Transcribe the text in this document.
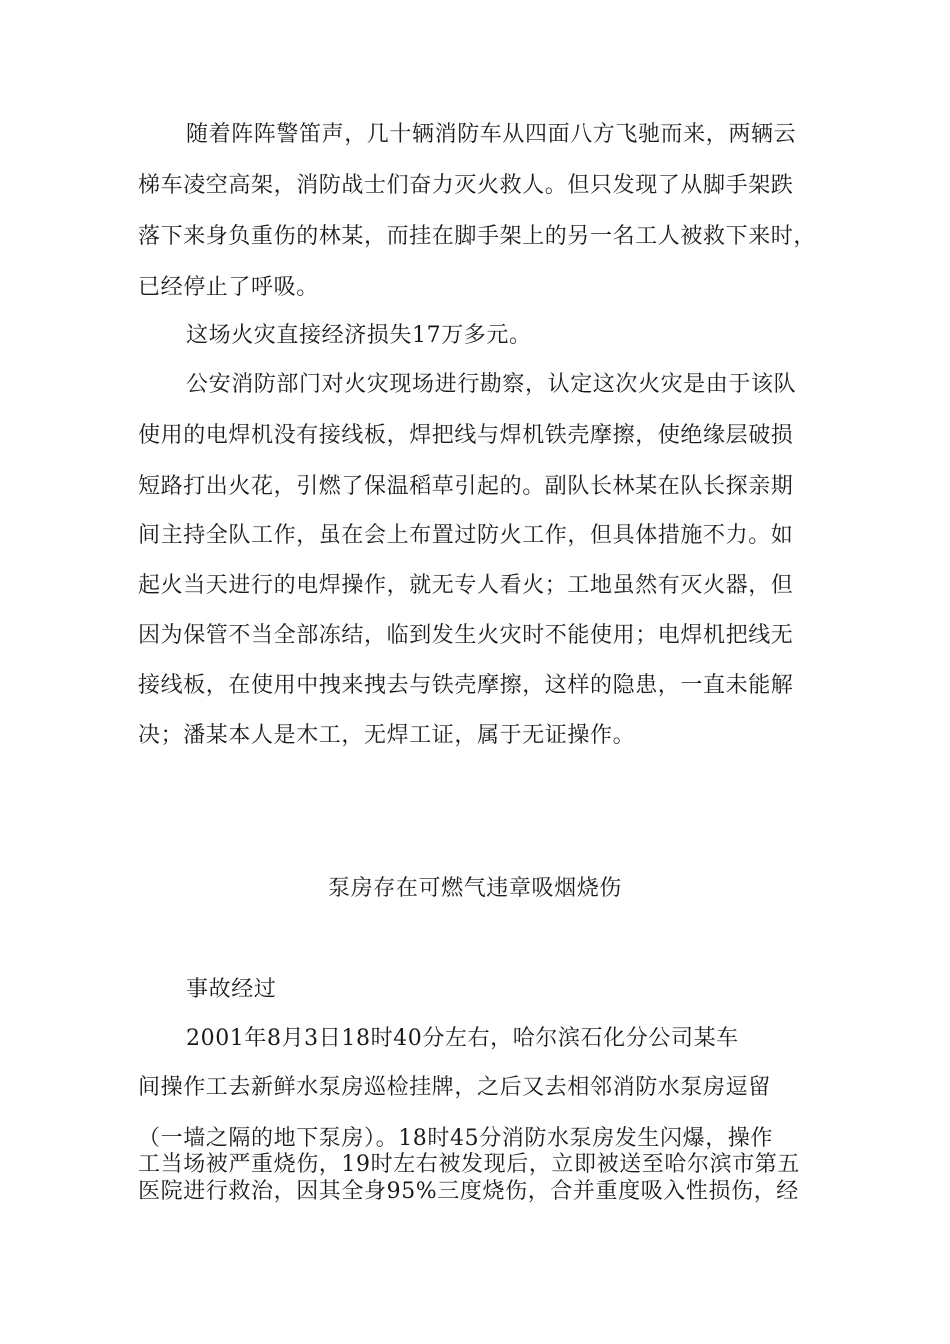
随着阵阵警笛声，几十辆消防车从四面八方飞驰而来，两辆云
梯车凌空高架，消防战士们奋力灭火救人。但只发现了从脚手架跌
落下来身负重伤的林某，而挂在脚手架上的另一名工人被救下来时，
已经停止了呼吸。
这场火灾直接经济损失17万多元。
公安消防部门对火灾现场进行勘察，认定这次火灾是由于该队
使用的电焊机没有接线板，焊把线与焊机铁壳摩擦，使绝缘层破损
短路打出火花，引燃了保温稻草引起的。副队长林某在队长探亲期
间主持全队工作，虽在会上布置过防火工作，但具体措施不力。如
起火当天进行的电焊操作，就无专人看火；工地虽然有灭火器，但
因为保管不当全部冻结，临到发生火灾时不能使用；电焊机把线无
接线板，在使用中拽来拽去与铁壳摩擦，这样的隐患，一直未能解
决；潘某本人是木工，无焊工证，属于无证操作。
泵房存在可燃气违章吸烟烧伤
事故经过
2001年8月3日18时40分左右，哈尔滨石化分公司某车
间操作工去新鲜水泵房巡检挂牌，之后又去相邻消防水泵房逗留
（一墙之隔的地下泵房）。18时45分消防水泵房发生闪爆，操作
工当场被严重烧伤，19时左右被发现后，立即被送至哈尔滨市第五
医院进行救治，因其全身95%三度烧伤，合并重度吸入性损伤，经
